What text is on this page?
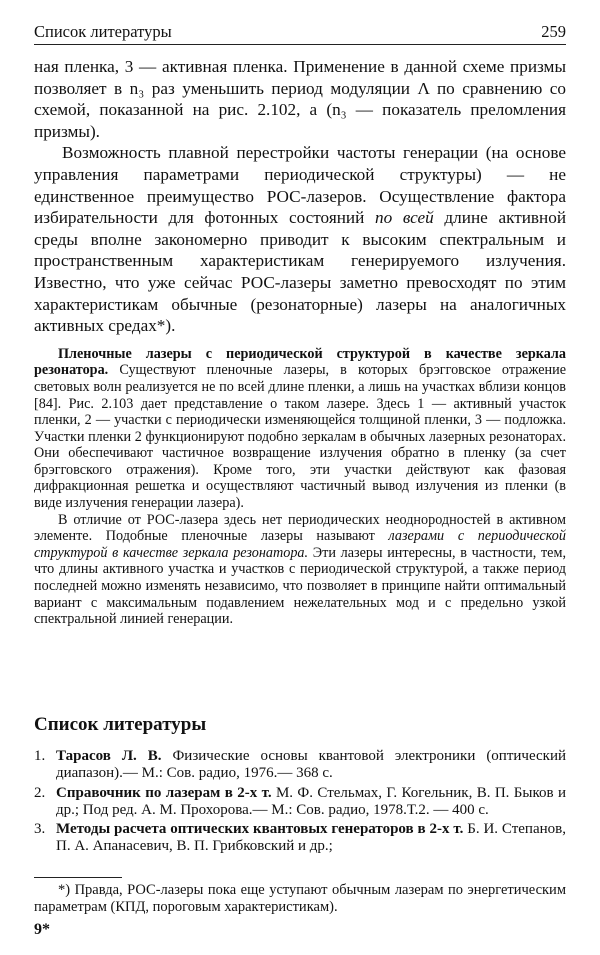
Список литературы	259

ная пленка, 3 — активная пленка. Применение в данной схеме призмы позволяет в n₃ раз уменьшить период модуляции Λ по сравнению со схемой, показанной на рис. 2.102, а (n₃ — показатель преломления призмы).

Возможность плавной перестройки частоты генерации (на основе управления параметрами периодической структуры) — не единственное преимущество РОС-лазеров. Осуществление фактора избирательности для фотонных состояний по всей длине активной среды вполне закономерно приводит к высоким спектральным и пространственным характеристикам генерируемого излучения. Известно, что уже сейчас РОС-лазеры заметно превосходят по этим характеристикам обычные (резонаторные) лазеры на аналогичных активных средах*).

Пленочные лазеры с периодической структурой в качестве зеркала резонатора. Существуют пленочные лазеры, в которых брэгговское отражение световых волн реализуется не по всей длине пленки, а лишь на участках вблизи концов [84]. Рис. 2.103 дает представление о таком лазере. Здесь 1 — активный участок пленки, 2 — участки с периодически изменяющейся толщиной пленки, 3 — подложка. Участки пленки 2 функционируют подобно зеркалам в обычных лазерных резонаторах. Они обеспечивают частичное возвращение излучения обратно в пленку (за счет брэгговского отражения). Кроме того, эти участки действуют как фазовая дифракционная решетка и осуществляют частичный вывод излучения из пленки (в виде излучения генерации лазера).

В отличие от РОС-лазера здесь нет периодических неоднородностей в активном элементе. Подобные пленочные лазеры называют лазерами с периодической структурой в качестве зеркала резонатора. Эти лазеры интересны, в частности, тем, что длины активного участка и участков с периодической структурой, а также период последней можно изменять независимо, что позволяет в принципе найти оптимальный вариант с максимальным подавлением нежелательных мод и с предельно узкой спектральной линией генерации.

Список литературы
1. Тарасов Л. В. Физические основы квантовой электроники (оптический диапазон).— М.: Сов. радио, 1976.— 368 с.
2. Справочник по лазерам в 2-х т. М. Ф. Стельмах, Г. Когельник, В. П. Быков и др.; Под ред. А. М. Прохорова.— М.: Сов. радио, 1978.Т.2. — 400 с.
3. Методы расчета оптических квантовых генераторов в 2-х т. Б. И. Степанов, П. А. Апанасевич, В. П. Грибковский и др.;

*) Правда, РОС-лазеры пока еще уступают обычным лазерам по энергетическим параметрам (КПД, пороговым характеристикам).

9*
